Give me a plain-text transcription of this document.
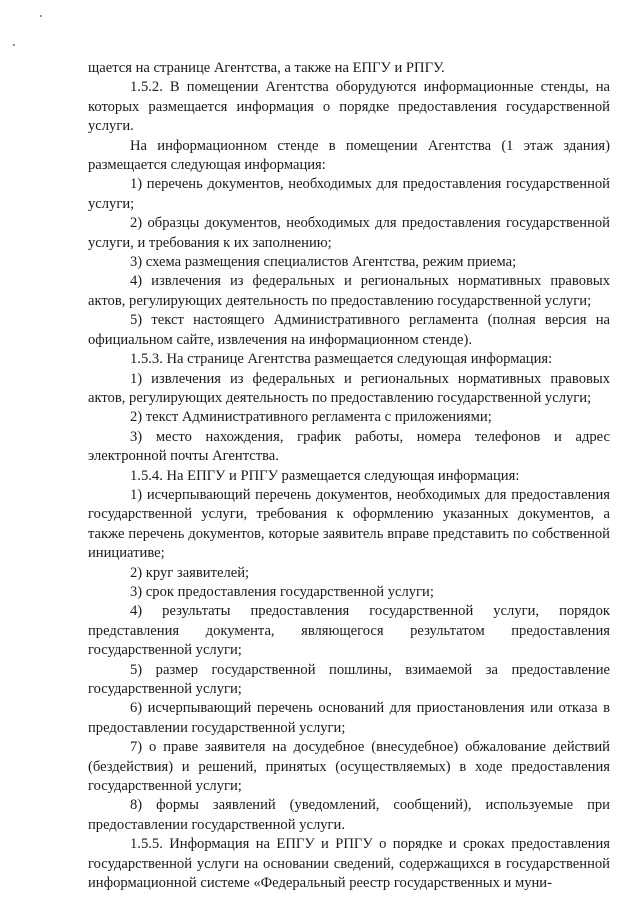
щается на странице Агентства, а также на ЕПГУ и РПГУ.

1.5.2. В помещении Агентства оборудуются информационные стенды, на которых размещается информация о порядке предоставления государственной услуги.

На информационном стенде в помещении Агентства (1 этаж здания) размещается следующая информация:

1) перечень документов, необходимых для предоставления государственной услуги;

2) образцы документов, необходимых для предоставления государственной услуги, и требования к их заполнению;

3) схема размещения специалистов Агентства, режим приема;

4) извлечения из федеральных и региональных нормативных правовых актов, регулирующих деятельность по предоставлению государственной услуги;

5) текст настоящего Административного регламента (полная версия на официальном сайте, извлечения на информационном стенде).

1.5.3. На странице Агентства размещается следующая информация:

1) извлечения из федеральных и региональных нормативных правовых актов, регулирующих деятельность по предоставлению государственной услуги;

2) текст Административного регламента с приложениями;

3) место нахождения, график работы, номера телефонов и адрес электронной почты Агентства.

1.5.4. На ЕПГУ и РПГУ размещается следующая информация:

1) исчерпывающий перечень документов, необходимых для предоставления государственной услуги, требования к оформлению указанных документов, а также перечень документов, которые заявитель вправе представить по собственной инициативе;

2) круг заявителей;

3) срок предоставления государственной услуги;

4) результаты предоставления государственной услуги, порядок представления документа, являющегося результатом предоставления государственной услуги;

5) размер государственной пошлины, взимаемой за предоставление государственной услуги;

6) исчерпывающий перечень оснований для приостановления или отказа в предоставлении государственной услуги;

7) о праве заявителя на досудебное (внесудебное) обжалование действий (бездействия) и решений, принятых (осуществляемых) в ходе предоставления государственной услуги;

8) формы заявлений (уведомлений, сообщений), используемые при предоставлении государственной услуги.

1.5.5. Информация на ЕПГУ и РПГУ о порядке и сроках предоставления государственной услуги на основании сведений, содержащихся в государственной информационной системе «Федеральный реестр государственных и муни-
